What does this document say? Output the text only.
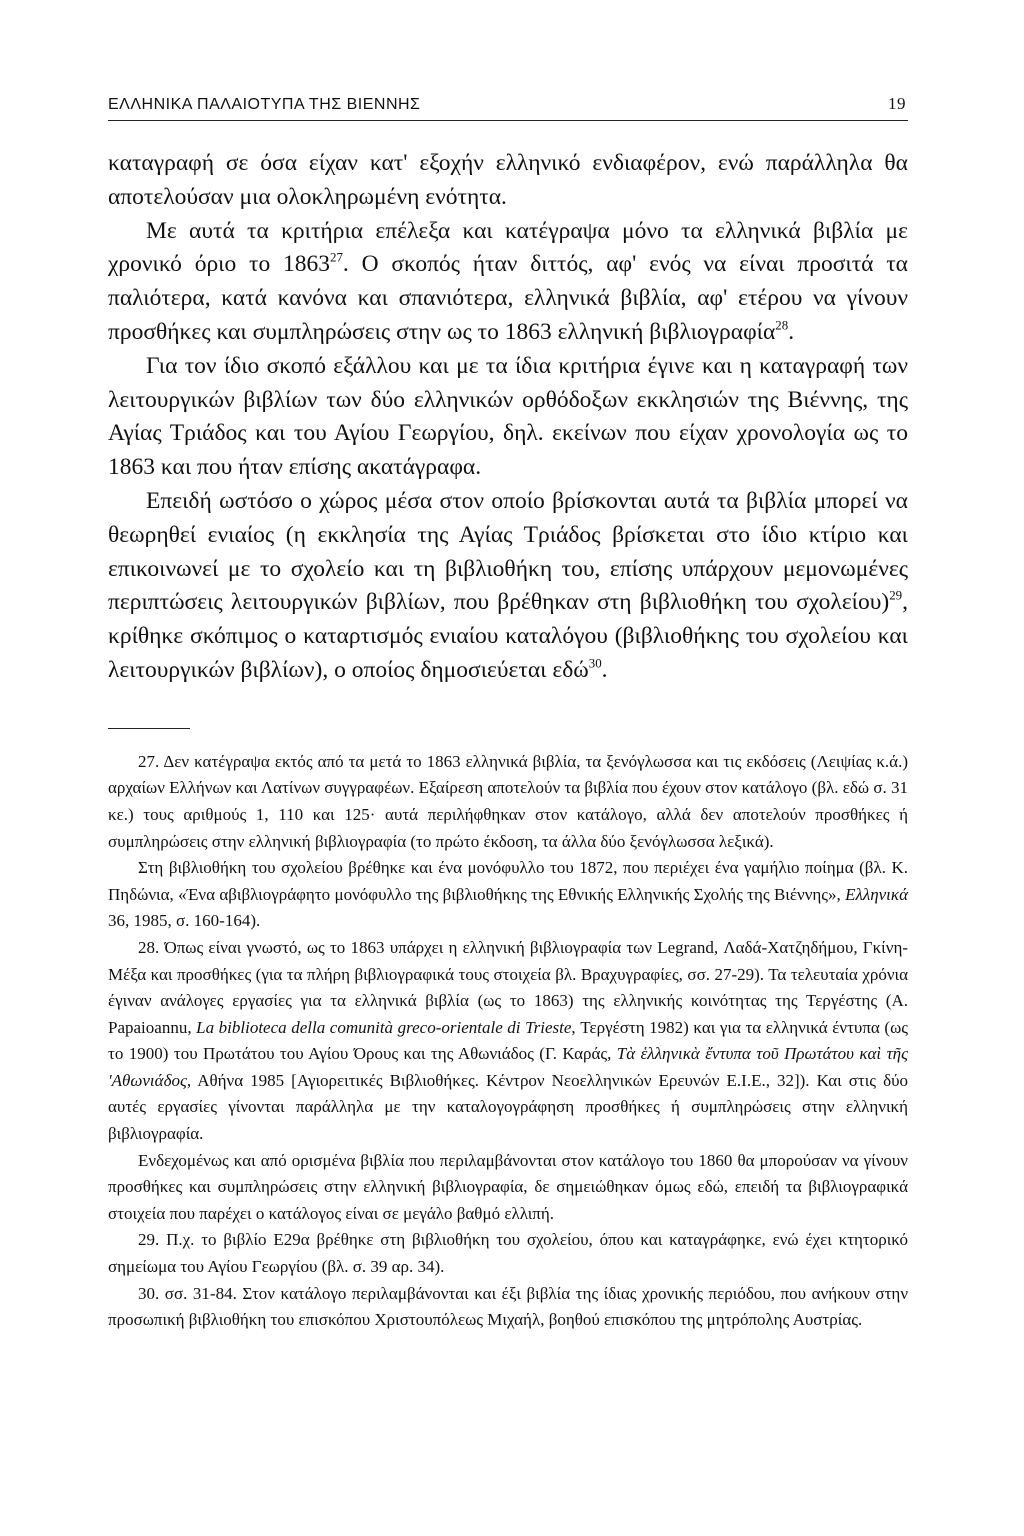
ΕΛΛΗΝΙΚΑ ΠΑΛΑΙΟΤΥΠΑ ΤΗΣ ΒΙΕΝΝΗΣ	19

καταγραφή σε όσα είχαν κατ' εξοχήν ελληνικό ενδιαφέρον, ενώ παράλληλα θα αποτελούσαν μια ολοκληρωμένη ενότητα.

Με αυτά τα κριτήρια επέλεξα και κατέγραψα μόνο τα ελληνικά βιβλία με χρονικό όριο το 1863$^{27}$. Ο σκοπός ήταν διττός, αφ' ενός να είναι προσιτά τα παλιότερα, κατά κανόνα και σπανιότερα, ελληνικά βιβλία, αφ' ετέρου να γίνουν προσθήκες και συμπληρώσεις στην ως το 1863 ελληνική βιβλιογραφία$^{28}$.

Για τον ίδιο σκοπό εξάλλου και με τα ίδια κριτήρια έγινε και η καταγραφή των λειτουργικών βιβλίων των δύο ελληνικών ορθόδοξων εκκλησιών της Βιέννης, της Αγίας Τριάδος και του Αγίου Γεωργίου, δηλ. εκείνων που είχαν χρονολογία ως το 1863 και που ήταν επίσης ακατάγραφα.

Επειδή ωστόσο ο χώρος μέσα στον οποίο βρίσκονται αυτά τα βιβλία μπορεί να θεωρηθεί ενιαίος (η εκκλησία της Αγίας Τριάδος βρίσκεται στο ίδιο κτίριο και επικοινωνεί με το σχολείο και τη βιβλιοθήκη του, επίσης υπάρχουν μεμονωμένες περιπτώσεις λειτουργικών βιβλίων, που βρέθηκαν στη βιβλιοθήκη του σχολείου)$^{29}$, κρίθηκε σκόπιμος ο καταρτισμός ενιαίου καταλόγου (βιβλιοθήκης του σχολείου και λειτουργικών βιβλίων), ο οποίος δημοσιεύεται εδώ$^{30}$.

27. Δεν κατέγραψα εκτός από τα μετά το 1863 ελληνικά βιβλία, τα ξενόγλωσσα και τις εκδόσεις (Λειψίας κ.ά.) αρχαίων Ελλήνων και Λατίνων συγγραφέων. Εξαίρεση αποτελούν τα βιβλία που έχουν στον κατάλογο (βλ. εδώ σ. 31 κε.) τους αριθμούς 1, 110 και 125· αυτά περιλήφθηκαν στον κατάλογο, αλλά δεν αποτελούν προσθήκες ή συμπληρώσεις στην ελληνική βιβλιογραφία (το πρώτο έκδοση, τα άλλα δύο ξενόγλωσσα λεξικά).

Στη βιβλιοθήκη του σχολείου βρέθηκε και ένα μονόφυλλο του 1872, που περιέχει ένα γαμήλιο ποίημα (βλ. Κ. Πηδώνια, «Ένα αβιβλιογράφητο μονόφυλλο της βιβλιοθήκης της Εθνικής Ελληνικής Σχολής της Βιέννης», Ελληνικά 36, 1985, σ. 160-164).

28. Όπως είναι γνωστό, ως το 1863 υπάρχει η ελληνική βιβλιογραφία των Legrand, Λαδά-Χατζηδήμου, Γκίνη-Μέξα και προσθήκες (για τα πλήρη βιβλιογραφικά τους στοιχεία βλ. Βραχυγραφίες, σσ. 27-29). Τα τελευταία χρόνια έγιναν ανάλογες εργασίες για τα ελληνικά βιβλία (ως το 1863) της ελληνικής κοινότητας της Τεργέστης (A. Papaioannu, La biblioteca della comunità greco-orientale di Trieste, Τεργέστη 1982) και για τα ελληνικά έντυπα (ως το 1900) του Πρωτάτου του Αγίου Όρους και της Αθωνιάδος (Γ. Καράς, Τὰ ἑλληνικὰ ἔντυπα τοῦ Πρωτάτου καὶ τῆς 'Αθωνιάδος, Αθήνα 1985 [Αγιορειτικές Βιβλιοθήκες. Κέντρον Νεοελληνικών Ερευνών Ε.Ι.Ε., 32]). Και στις δύο αυτές εργασίες γίνονται παράλληλα με την καταλογογράφηση προσθήκες ή συμπληρώσεις στην ελληνική βιβλιογραφία.

Ενδεχομένως και από ορισμένα βιβλία που περιλαμβάνονται στον κατάλογο του 1860 θα μπορούσαν να γίνουν προσθήκες και συμπληρώσεις στην ελληνική βιβλιογραφία, δε σημειώθηκαν όμως εδώ, επειδή τα βιβλιογραφικά στοιχεία που παρέχει ο κατάλογος είναι σε μεγάλο βαθμό ελλιπή.

29. Π.χ. το βιβλίο Ε29α βρέθηκε στη βιβλιοθήκη του σχολείου, όπου και καταγράφηκε, ενώ έχει κτητορικό σημείωμα του Αγίου Γεωργίου (βλ. σ. 39 αρ. 34).

30. σσ. 31-84. Στον κατάλογο περιλαμβάνονται και έξι βιβλία της ίδιας χρονικής περιόδου, που ανήκουν στην προσωπική βιβλιοθήκη του επισκόπου Χριστουπόλεως Μιχαήλ, βοηθού επισκόπου της μητρόπολης Αυστρίας.
